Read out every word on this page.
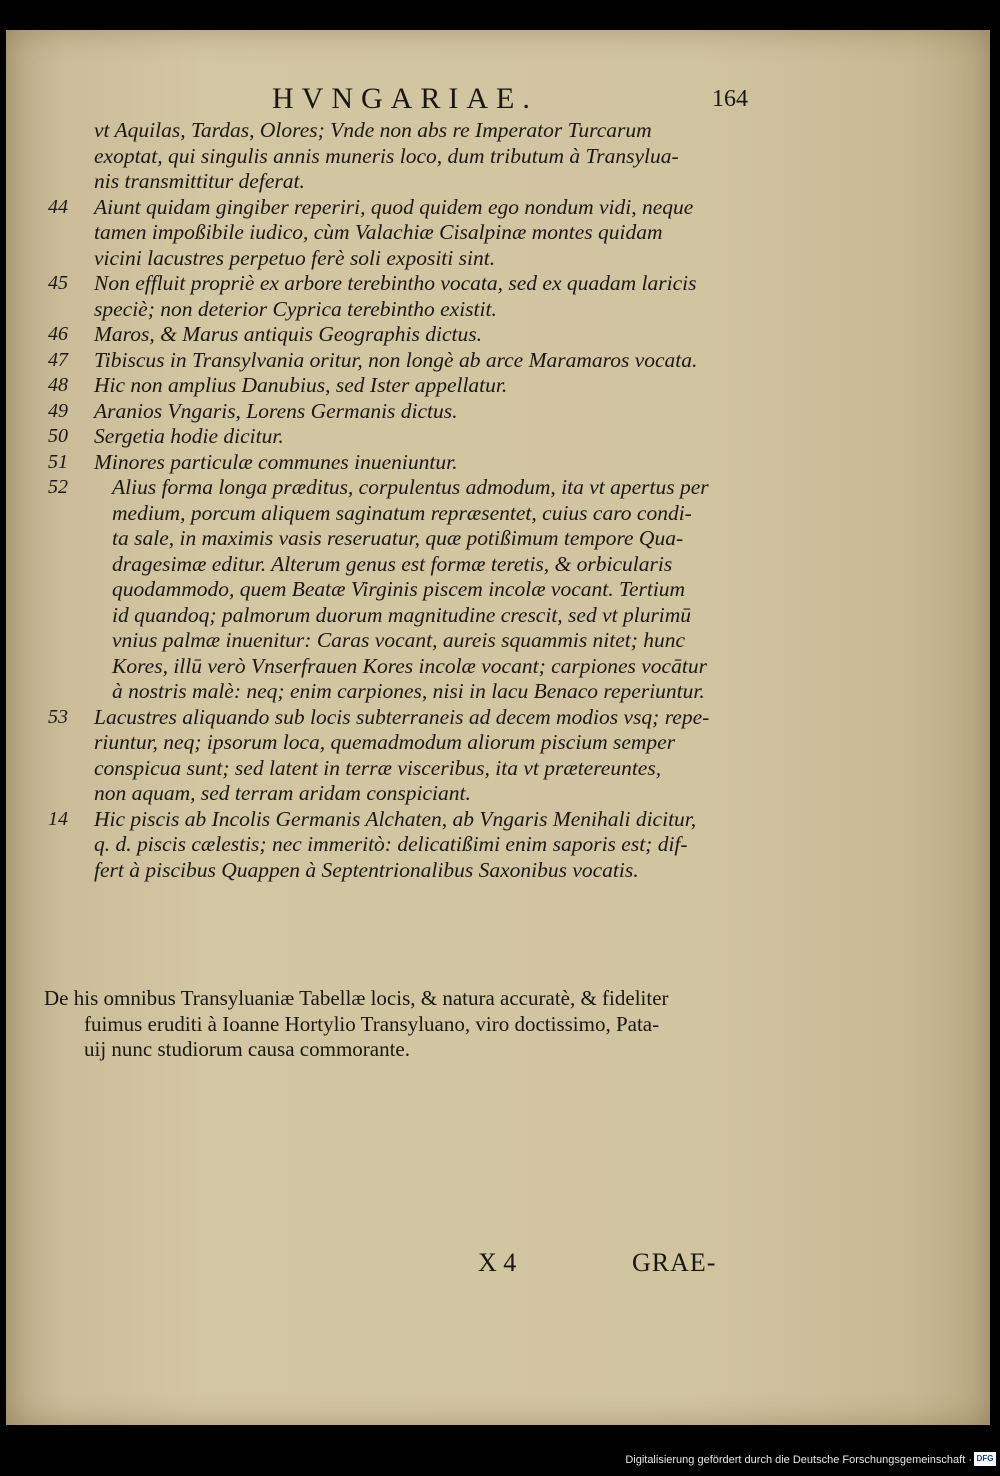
HVNGARIAE.	164
vt Aquilas, Tardas, Olores; Vnde non abs re Imperator Turcarum
exoptat, qui singulis annis muneris loco, dum tributum à Transylua-
nis transmittitur deferat.
44	Aiunt quidam gingiber reperiri, quod quidem ego nondum vidi, neque
tamen impoßibile iudico, cùm Valachiæ Cisalpinæ montes quidam
vicini lacustres perpetuo ferè soli expositi sint.
45	Non effluit propriè ex arbore terebintho vocata, sed ex quadam laricis
speciè; non deterior Cyprica terebintho existit.
46	Maros, & Marus antiquis Geographis dictus.
47	Tibiscus in Transylvania oritur, non longè ab arce Maramaros vocata.
48	Hic non amplius Danubius, sed Ister appellatur.
49	Aranios Vngaris, Lorens Germanis dictus.
50	Sergetia hodie dicitur.
51	Minores particulæ communes inueniuntur.
52	Alius forma longa præditus, corpulentus admodum, ita vt apertus per
medium, porcum aliquem saginatum repræsentet, cuius caro condi-
ta sale, in maximis vasis reseruatur, quæ potißimum tempore Qua-
dragesimæ editur. Alterum genus est formæ teretis, & orbicularis
quodammodo, quem Beatæ Virginis piscem incolæ vocant. Tertium
id quandoq; palmorum duorum magnitudine crescit, sed vt plurimū
vnius palmæ inuenitur: Caras vocant, aureis squammis nitet; hunc
Kores, illū verò Vnserfrauen Kores incolæ vocant; carpiones vocātur
à nostris malè: neq; enim carpiones, nisi in lacu Benaco reperiuntur.
53	Lacustres aliquando sub locis subterraneis ad decem modios vsq; repe-
riuntur, neq; ipsorum loca, quemadmodum aliorum piscium semper
conspicua sunt; sed latent in terræ visceribus, ita vt prætereuntes,
non aquam, sed terram aridam conspiciant.
14	Hic piscis ab Incolis Germanis Alchaten, ab Vngaris Menihali dicitur,
q. d. piscis cælestis; nec immeritò: delicatißimi enim saporis est; dif-
fert à piscibus Quappen à Septentrionalibus Saxonibus vocatis.
De his omnibus Transyluaniæ Tabellæ locis, & natura accuratè, & fideliter
fuimus eruditi à Ioanne Hortylio Transyluano, viro doctissimo, Pata-
uij nunc studiorum causa commorante.
X 4	GRAE-
Digitalisierung gefördert durch die Deutsche Forschungsgemeinschaft · DFG
